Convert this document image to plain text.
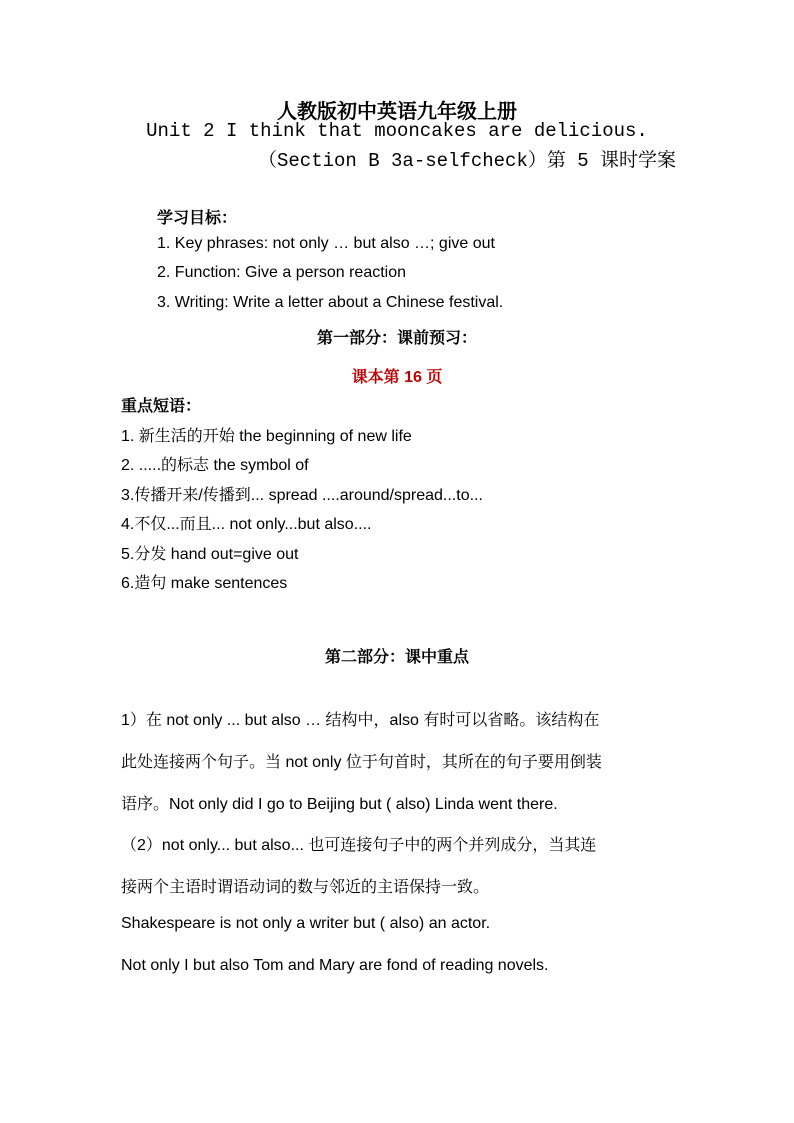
人教版初中英语九年级上册
Unit 2 I think that mooncakes are delicious.
（Section B 3a-selfcheck）第 5 课时学案
学习目标：
1. Key phrases: not only … but also …; give out
2. Function: Give a person reaction
3. Writing: Write a letter about a Chinese festival.
第一部分：课前预习：
课本第 16 页
重点短语：
1. 新生活的开始 the beginning of new life
2. .....的标志 the symbol of
3.传播开来/传播到... spread ....around/spread...to...
4.不仅...而且... not only...but also....
5.分发 hand out=give out
6.造句 make sentences
第二部分：课中重点
1）在 not only ... but also … 结构中，also 有时可以省略。该结构在
此处连接两个句子。当 not only 位于句首时，其所在的句子要用倒装
语序。Not only did I go to Beijing but ( also) Linda went there.
（2）not only... but also... 也可连接句子中的两个并列成分，当其连
接两个主语时谓语动词的数与邻近的主语保持一致。
Shakespeare is not only a writer but ( also) an actor.
Not only I but also Tom and Mary are fond of reading novels.
